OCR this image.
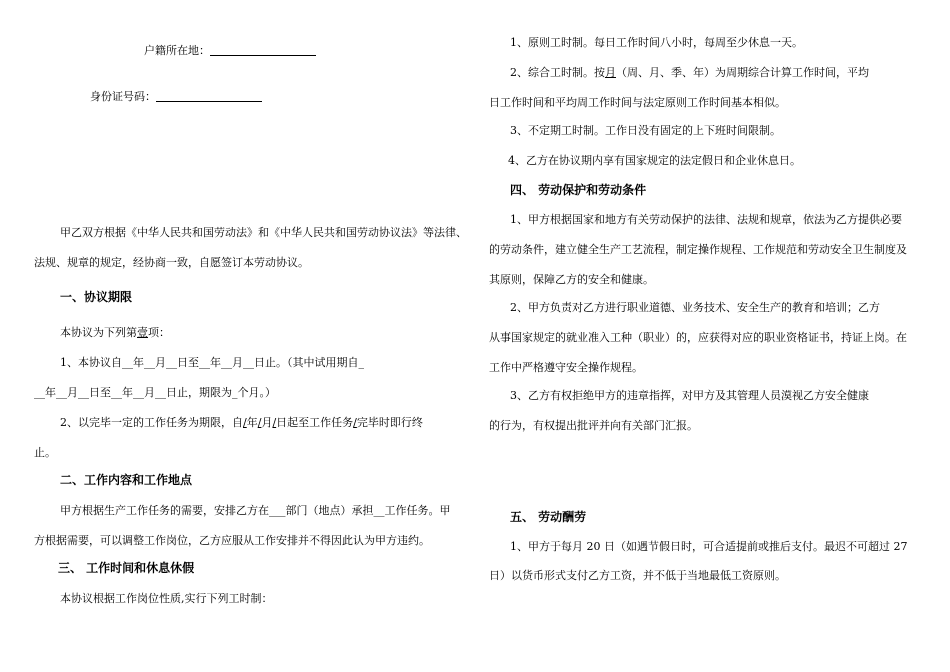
户籍所在地：
身份证号码：
甲乙双方根据《中华人民共和国劳动法》和《中华人民共和国劳动协议法》等法律、
法规、规章的规定，经协商一致，自愿签订本劳动协议。
一、协议期限
本协议为下列第壹项：
1、本协议自__年__月__日至__年__月__日止。（其中试用期自_
__年__月__日至__年__月__日止，期限为_个月。）
2、以完毕一定的工作任务为期限，自/年/月/日起至工作任务/完毕时即行终
止。
二、工作内容和工作地点
甲方根据生产工作任务的需要，安排乙方在___部门（地点）承担__工作任务。甲
方根据需要，可以调整工作岗位，乙方应服从工作安排并不得因此认为甲方违约。
三、 工作时间和休息休假
本协议根据工作岗位性质,实行下列工时制：
1、原则工时制。每日工作时间八小时，每周至少休息一天。
2、综合工时制。按月（周、月、季、年）为周期综合计算工作时间，平均
日工作时间和平均周工作时间与法定原则工作时间基本相似。
3、不定期工时制。工作日没有固定的上下班时间限制。
4、乙方在协议期内享有国家规定的法定假日和企业休息日。
四、 劳动保护和劳动条件
1、甲方根据国家和地方有关劳动保护的法律、法规和规章，依法为乙方提供必要
的劳动条件，建立健全生产工艺流程，制定操作规程、工作规范和劳动安全卫生制度及
其原则，保障乙方的安全和健康。
2、甲方负责对乙方进行职业道德、业务技术、安全生产的教育和培训；乙方
从事国家规定的就业准入工种（职业）的，应获得对应的职业资格证书，持证上岗。在
工作中严格遵守安全操作规程。
3、乙方有权拒绝甲方的违章指挥，对甲方及其管理人员漠视乙方安全健康
的行为，有权提出批评并向有关部门汇报。
五、 劳动酬劳
1、甲方于每月 20 日（如遇节假日时，可合适提前或推后支付。最迟不可超过 27
日）以货币形式支付乙方工资，并不低于当地最低工资原则。
